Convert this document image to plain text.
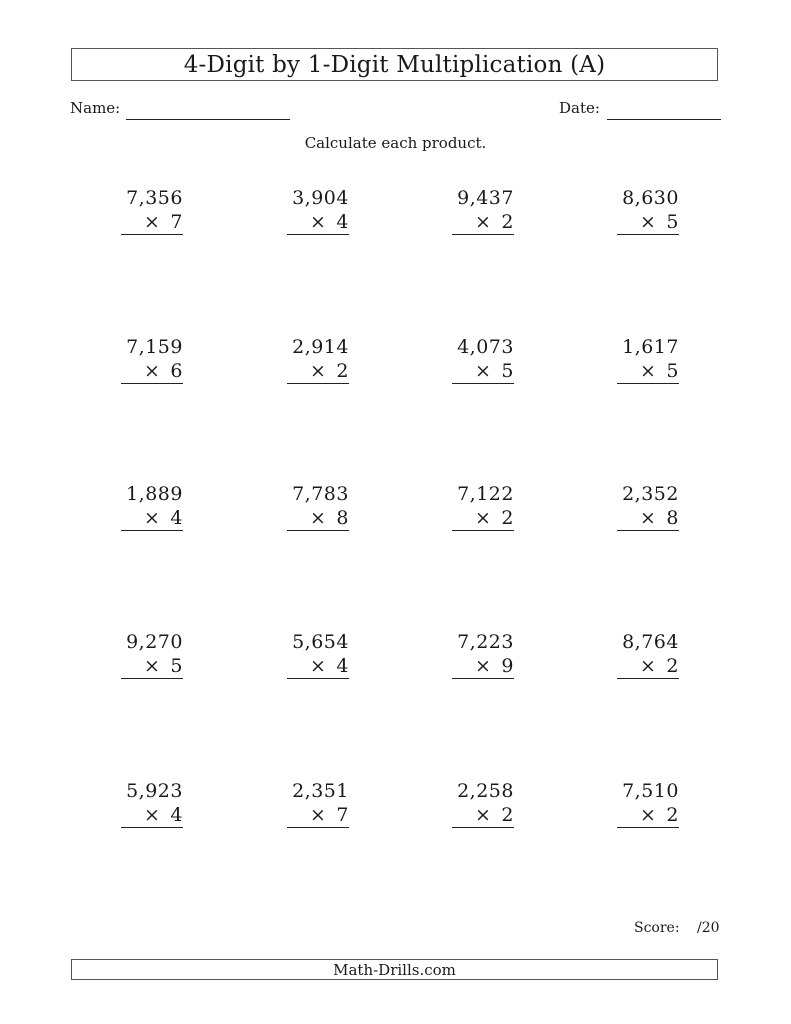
4-Digit by 1-Digit Multiplication (A)
Name:	Date:
Calculate each product.
7,356
× 7
3,904
× 4
9,437
× 2
8,630
× 5
7,159
× 6
2,914
× 2
4,073
× 5
1,617
× 5
1,889
× 4
7,783
× 8
7,122
× 2
2,352
× 8
9,270
× 5
5,654
× 4
7,223
× 9
8,764
× 2
5,923
× 4
2,351
× 7
2,258
× 2
7,510
× 2
Score: /20
Math-Drills.com
